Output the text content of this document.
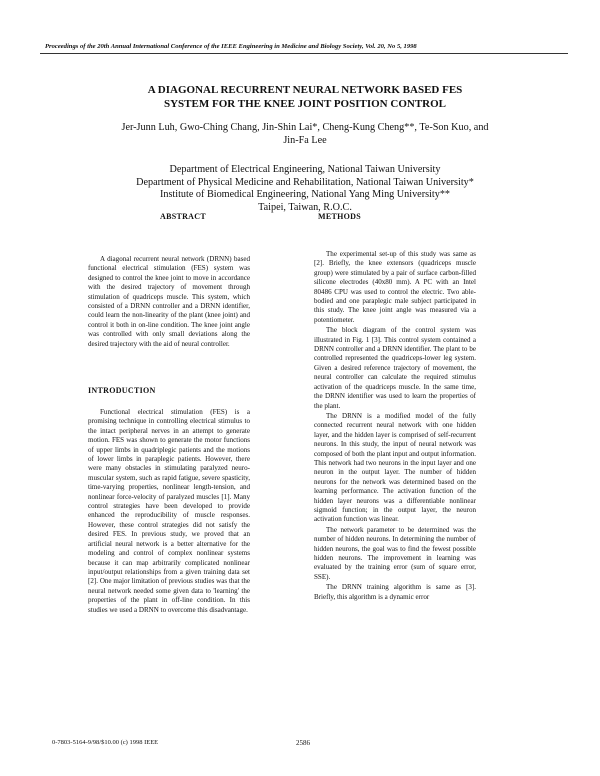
Proceedings of the 20th Annual International Conference of the IEEE Engineering in Medicine and Biology Society, Vol. 20, No 5, 1998
A DIAGONAL RECURRENT NEURAL NETWORK BASED FES
SYSTEM FOR THE KNEE JOINT POSITION CONTROL
Jer-Junn Luh, Gwo-Ching Chang, Jin-Shin Lai*, Cheng-Kung Cheng**, Te-Son Kuo, and
Jin-Fa Lee
Department of Electrical Engineering, National Taiwan University
Department of Physical Medicine and Rehabilitation, National Taiwan University*
Institute of Biomedical Engineering, National Yang Ming University**
Taipei, Taiwan, R.O.C.
ABSTRACT	METHODS

A diagonal recurrent neural network (DRNN) based functional electrical stimulation (FES) system was designed to control the knee joint to move in accordance with the desired trajectory of movement through stimulation of quadriceps muscle. This system, which consisted of a DRNN controller and a DRNN identifier, could learn the non-linearity of the plant (knee joint) and control it both in on-line condition. The knee joint angle was controlled with only small deviations along the desired trajectory with the aid of neural controller.

INTRODUCTION

Functional electrical stimulation (FES) is a promising technique in controlling electrical stimulus to the intact peripheral nerves in an attempt to generate motion. FES was shown to generate the motor functions of upper limbs in quadriplegic patients and the motions of lower limbs in paraplegic patients. However, there were many obstacles in stimulating paralyzed neuro-muscular system, such as rapid fatigue, severe spasticity, time-varying properties, nonlinear length-tension, and nonlinear force-velocity of paralyzed muscles [1]. Many control strategies have been developed to provide enhanced the reproducibility of muscle responses. However, these control strategies did not satisfy the desired FES. In previous study, we proved that an artificial neural network is a better alternative for the modeling and control of complex nonlinear systems because it can map arbitrarily complicated nonlinear input/output relationships from a given training data set [2]. One major limitation of previous studies was that the neural network needed some given data to 'learning' the properties of the plant in off-line condition. In this studies we used a DRNN to overcome this disadvantage.

The experimental set-up of this study was same as [2]. Briefly, the knee extensors (quadriceps muscle group) were stimulated by a pair of surface carbon-filled silicone electrodes (40x80 mm). A PC with an Intel 80486 CPU was used to control the electric. Two able-bodied and one paraplegic male subject participated in this study. The knee joint angle was measured via a potentiometer.

The block diagram of the control system was illustrated in Fig. 1 [3]. This control system contained a DRNN controller and a DRNN identifier. The plant to be controlled represented the quadriceps-lower leg system. Given a desired reference trajectory of movement, the neural controller can calculate the required stimulus activation of the quadriceps muscle. In the same time, the DRNN identifier was used to learn the properties of the plant.

The DRNN is a modified model of the fully connected recurrent neural network with one hidden layer, and the hidden layer is comprised of self-recurrent neurons. In this study, the input of neural network was composed of both the plant input and output information. This network had two neurons in the input layer and one neuron in the output layer. The number of hidden neurons for the network was determined based on the learning performance. The activation function of the hidden layer neurons was a differentiable nonlinear sigmoid function; in the output layer, the neuron activation function was linear.

The network parameter to be determined was the number of hidden neurons. In determining the number of hidden neurons, the goal was to find the fewest possible hidden neurons. The improvement in learning was evaluated by the training error (sum of square error, SSE).

The DRNN training algorithm is same as [3]. Briefly, this algorithm is a dynamic error

0-7803-5164-9/98/$10.00 (c) 1998 IEEE	2586
